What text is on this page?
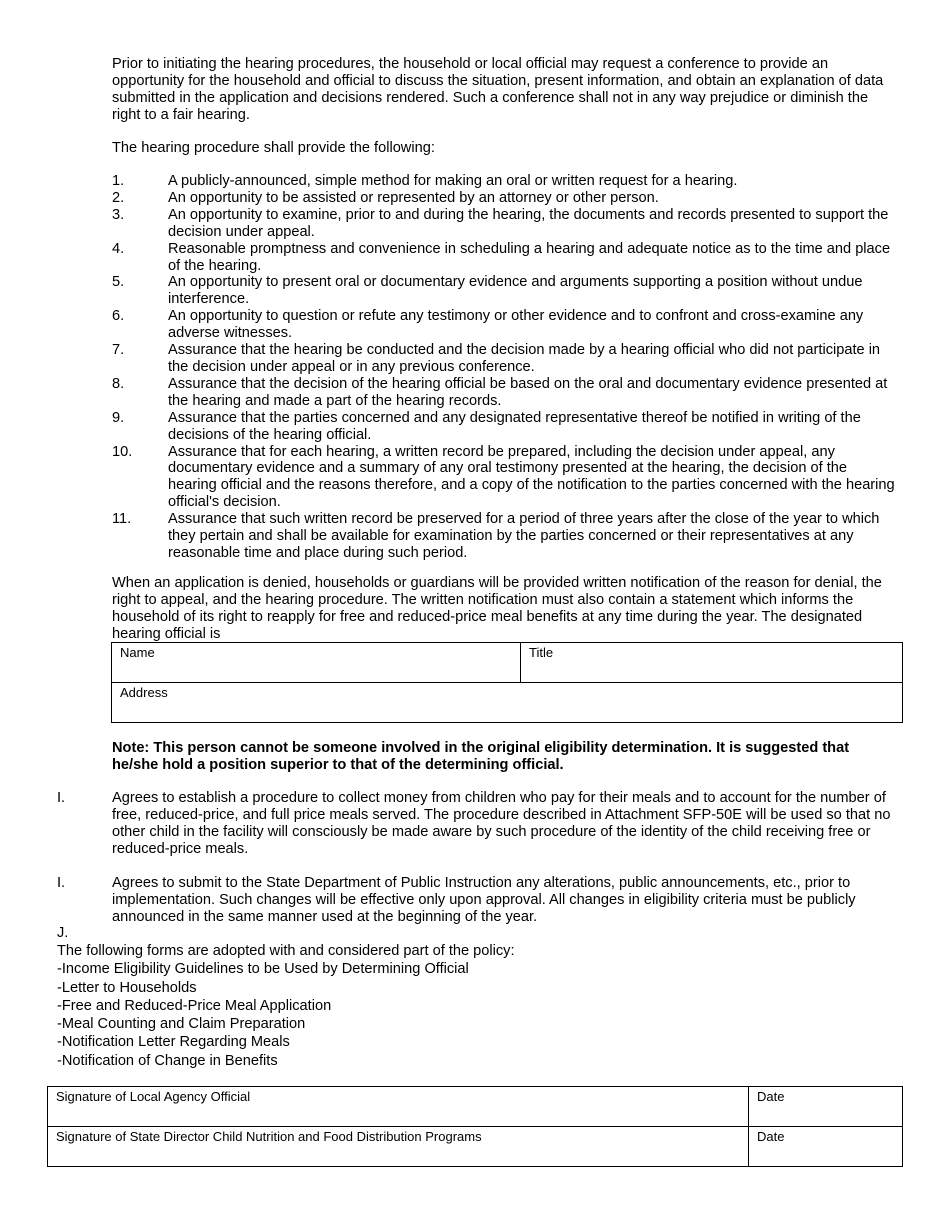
Prior to initiating the hearing procedures, the household or local official may request a conference to provide an opportunity for the household and official to discuss the situation, present information, and obtain an explanation of data submitted in the application and decisions rendered. Such a conference shall not in any way prejudice or diminish the right to a fair hearing.

The hearing procedure shall provide the following:

1.	A publicly-announced, simple method for making an oral or written request for a hearing.
2.	An opportunity to be assisted or represented by an attorney or other person.
3.	An opportunity to examine, prior to and during the hearing, the documents and records presented to support the decision under appeal.
4.	Reasonable promptness and convenience in scheduling a hearing and adequate notice as to the time and place of the hearing.
5.	An opportunity to present oral or documentary evidence and arguments supporting a position without undue interference.
6.	An opportunity to question or refute any testimony or other evidence and to confront and cross-examine any adverse witnesses.
7.	Assurance that the hearing be conducted and the decision made by a hearing official who did not participate in the decision under appeal or in any previous conference.
8.	Assurance that the decision of the hearing official be based on the oral and documentary evidence presented at the hearing and made a part of the hearing records.
9.	Assurance that the parties concerned and any designated representative thereof be notified in writing of the decisions of the hearing official.
10.	Assurance that for each hearing, a written record be prepared, including the decision under appeal, any documentary evidence and a summary of any oral testimony presented at the hearing, the decision of the hearing official and the reasons therefore, and a copy of the notification to the parties concerned with the hearing official's decision.
11.	Assurance that such written record be preserved for a period of three years after the close of the year to which they pertain and shall be available for examination by the parties concerned or their representatives at any reasonable time and place during such period.

When an application is denied, households or guardians will be provided written notification of the reason for denial, the right to appeal, and the hearing procedure. The written notification must also contain a statement which informs the household of its right to reapply for free and reduced-price meal benefits at any time during the year. The designated hearing official is

Name	Title
Address

Note: This person cannot be someone involved in the original eligibility determination. It is suggested that he/she hold a position superior to that of the determining official.

I.	Agrees to establish a procedure to collect money from children who pay for their meals and to account for the number of free, reduced-price, and full price meals served. The procedure described in Attachment SFP-50E will be used so that no other child in the facility will consciously be made aware by such procedure of the identity of the child receiving free or reduced-price meals.
I.	Agrees to submit to the State Department of Public Instruction any alterations, public announcements, etc., prior to implementation. Such changes will be effective only upon approval. All changes in eligibility criteria must be publicly announced in the same manner used at the beginning of the year.
J.
The following forms are adopted with and considered part of the policy:
-Income Eligibility Guidelines to be Used by Determining Official
-Letter to Households
-Free and Reduced-Price Meal Application
-Meal Counting and Claim Preparation
-Notification Letter Regarding Meals
-Notification of Change in Benefits
Signature of Local Agency Official	Date
Signature of State Director Child Nutrition and Food Distribution Programs	Date
